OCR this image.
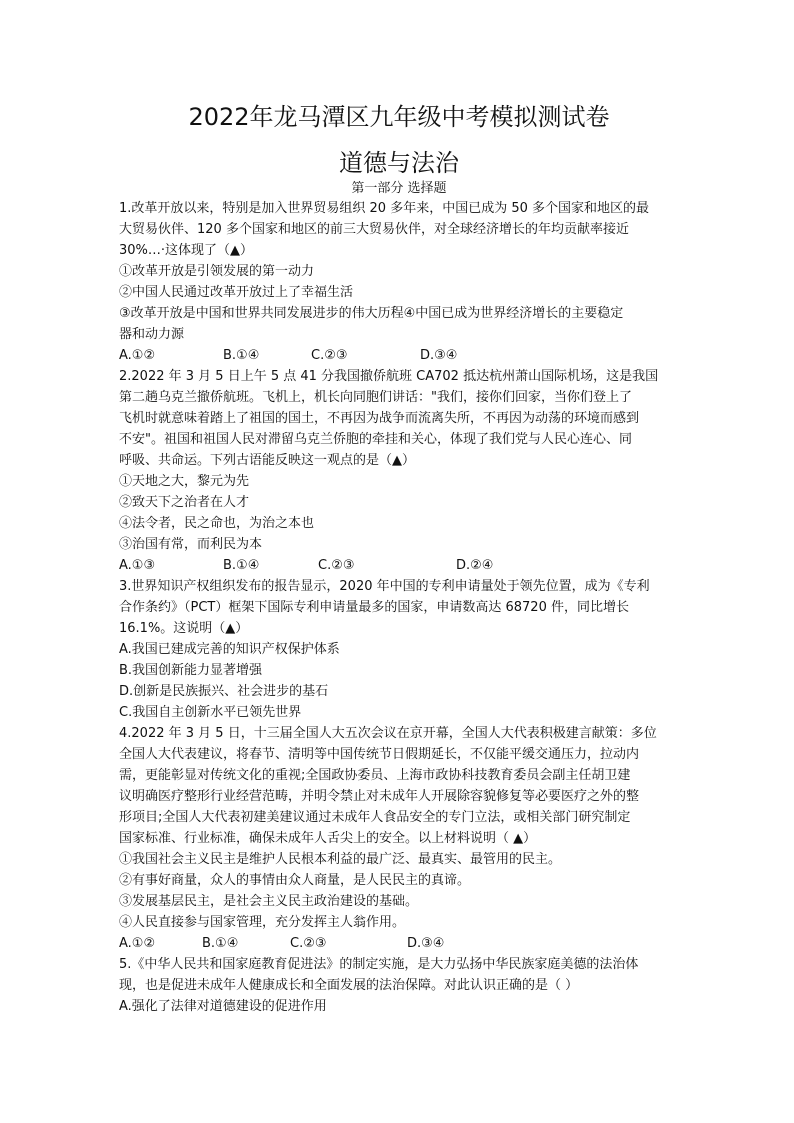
2022年龙马潭区九年级中考模拟测试卷
道德与法治
第一部分 选择题
1.改革开放以来，特别是加入世界贸易组织 20 多年来，中国已成为 50 多个国家和地区的最
大贸易伙伴、120 多个国家和地区的前三大贸易伙伴，对全球经济增长的年均贡献率接近
30%…·这体现了（▲）
①改革开放是引领发展的第一动力
②中国人民通过改革开放过上了幸福生活
③改革开放是中国和世界共同发展进步的伟大历程④中国已成为世界经济增长的主要稳定
器和动力源
A.①②	B.①④	C.②③	D.③④
2.2022 年 3 月 5 日上午 5 点 41 分我国撤侨航班 CA702 抵达杭州萧山国际机场，这是我国
第二趟乌克兰撤侨航班。飞机上，机长向同胞们讲话："我们，接你们回家，当你们登上了
飞机时就意味着踏上了祖国的国土，不再因为战争而流离失所，不再因为动荡的环境而感到
不安"。祖国和祖国人民对滞留乌克兰侨胞的牵挂和关心，体现了我们党与人民心连心、同
呼吸、共命运。下列古语能反映这一观点的是（▲）
①天地之大，黎元为先
②致天下之治者在人才
④法令者，民之命也，为治之本也
③治国有常，而利民为本
A.①③	B.①④	C.②③	D.②④
3.世界知识产权组织发布的报告显示，2020 年中国的专利申请量处于领先位置，成为《专利
合作条约》（PCT）框架下国际专利申请量最多的国家，申请数高达 68720 件，同比增长
16.1%。这说明（▲）
A.我国已建成完善的知识产权保护体系
B.我国创新能力显著增强
D.创新是民族振兴、社会进步的基石
C.我国自主创新水平已领先世界
4.2022 年 3 月 5 日，十三届全国人大五次会议在京开幕，全国人大代表积极建言献策：多位
全国人大代表建议，将春节、清明等中国传统节日假期延长，不仅能平缓交通压力，拉动内
需，更能彰显对传统文化的重视;全国政协委员、上海市政协科技教育委员会副主任胡卫建
议明确医疗整形行业经营范畴，并明令禁止对未成年人开展除容貌修复等必要医疗之外的整
形项目;全国人大代表初建美建议通过未成年人食品安全的专门立法，或相关部门研究制定
国家标准、行业标准，确保未成年人舌尖上的安全。以上材料说明（ ▲）
①我国社会主义民主是维护人民根本利益的最广泛、最真实、最管用的民主。
②有事好商量，众人的事情由众人商量，是人民民主的真谛。
③发展基层民主，是社会主义民主政治建设的基础。
④人民直接参与国家管理，充分发挥主人翁作用。
A.①②	B.①④	C.②③	D.③④
5.《中华人民共和国家庭教育促进法》的制定实施，是大力弘扬中华民族家庭美德的法治体
现，也是促进未成年人健康成长和全面发展的法治保障。对此认识正确的是（ ）
A.强化了法律对道德建设的促进作用
